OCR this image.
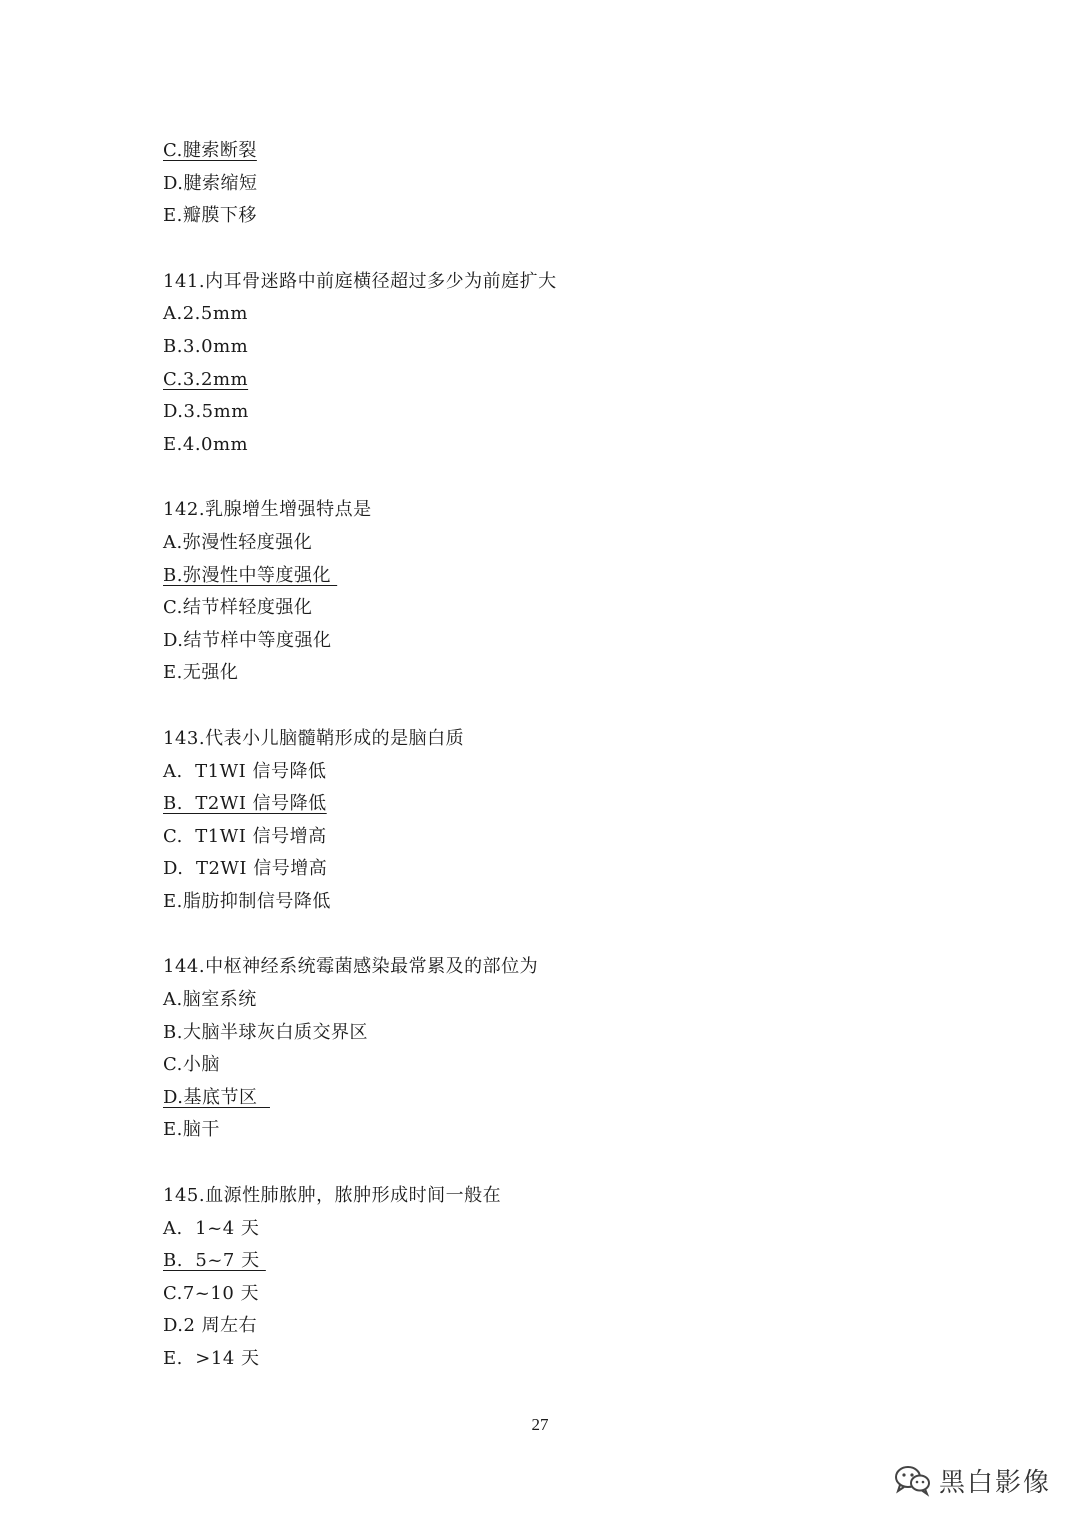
C.腱索断裂
D.腱索缩短
E.瓣膜下移
141.内耳骨迷路中前庭横径超过多少为前庭扩大
A.2.5mm
B.3.0mm
C.3.2mm
D.3.5mm
E.4.0mm
142.乳腺增生增强特点是
A.弥漫性轻度强化
B.弥漫性中等度强化
C.结节样轻度强化
D.结节样中等度强化
E.无强化
143.代表小儿脑髓鞘形成的是脑白质
A.  T1WI 信号降低
B.  T2WI 信号降低
C.  T1WI 信号增高
D.  T2WI 信号增高
E.脂肪抑制信号降低
144.中枢神经系统霉菌感染最常累及的部位为
A.脑室系统
B.大脑半球灰白质交界区
C.小脑
D.基底节区
E.脑干
145.血源性肺脓肿，脓肿形成时间一般在
A.  1~4 天
B.  5~7 天
C.7~10 天
D.2 周左右
E.  >14 天
27
黑白影像
